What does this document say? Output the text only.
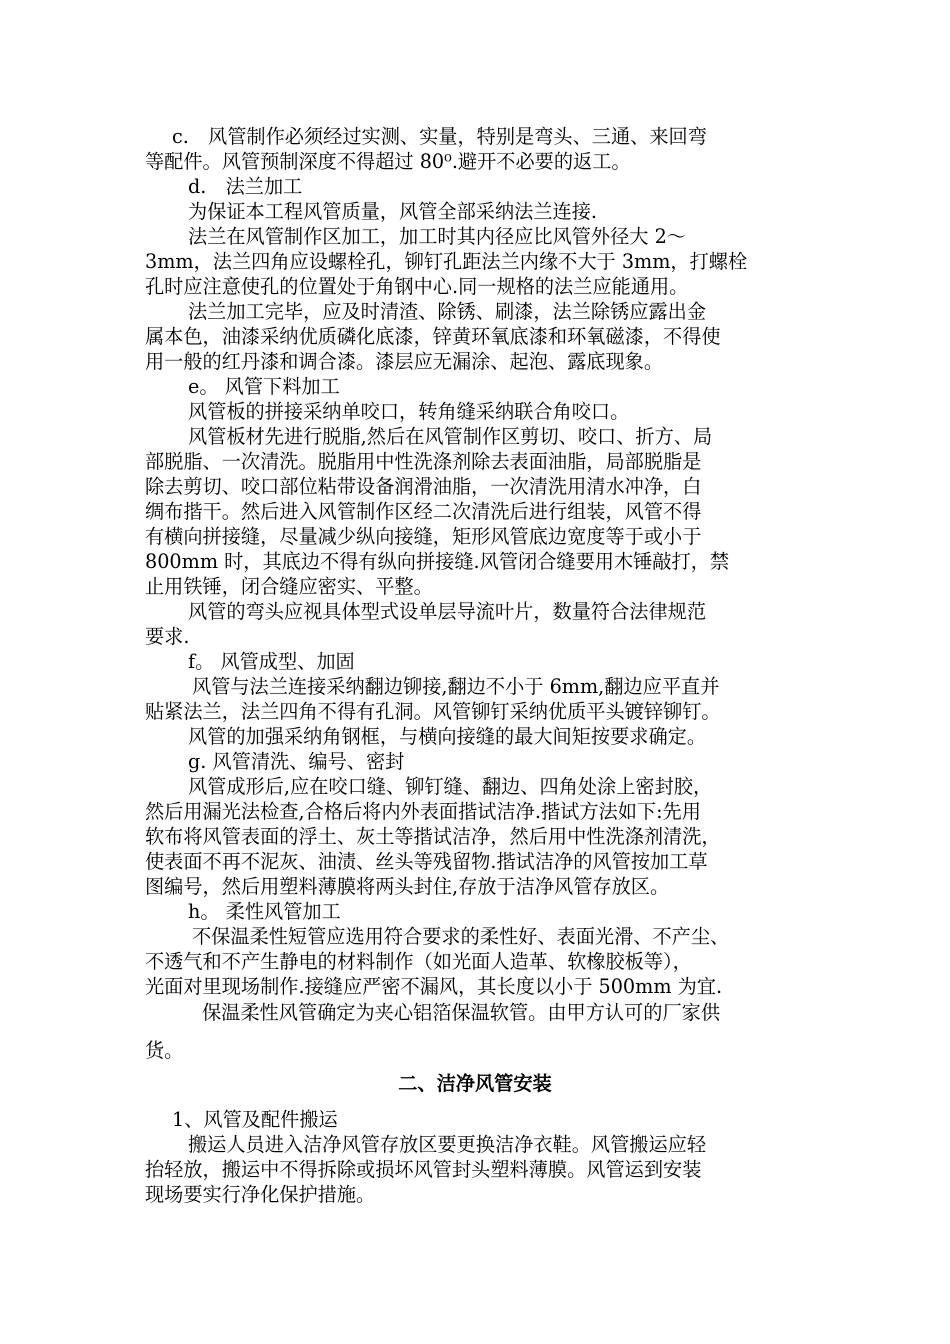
c.　风管制作必须经过实测、实量，特别是弯头、三通、来回弯
等配件。风管预制深度不得超过 80⁰.避开不必要的返工。
d.　法兰加工
为保证本工程风管质量，风管全部采纳法兰连接.
法兰在风管制作区加工，加工时其内径应比风管外径大 2～
3mm，法兰四角应设螺栓孔，铆钉孔距法兰内缘不大于 3mm，打螺栓
孔时应注意使孔的位置处于角钢中心.同一规格的法兰应能通用。
法兰加工完毕，应及时清渣、除锈、刷漆，法兰除锈应露出金
属本色，油漆采纳优质磷化底漆，锌黄环氧底漆和环氧磁漆，不得使
用一般的红丹漆和调合漆。漆层应无漏涂、起泡、露底现象。
e。 风管下料加工
风管板的拼接采纳单咬口，转角缝采纳联合角咬口。
风管板材先进行脱脂,然后在风管制作区剪切、咬口、折方、局
部脱脂、一次清洗。脱脂用中性洗涤剂除去表面油脂，局部脱脂是
除去剪切、咬口部位粘带设备润滑油脂，一次清洗用清水冲净，白
绸布揩干。然后进入风管制作区经二次清洗后进行组装，风管不得
有横向拼接缝，尽量减少纵向接缝，矩形风管底边宽度等于或小于
800mm 时，其底边不得有纵向拼接缝.风管闭合缝要用木锤敲打，禁
止用铁锤，闭合缝应密实、平整。
风管的弯头应视具体型式设单层导流叶片，数量符合法律规范
要求.
f。 风管成型、加固
风管与法兰连接采纳翻边铆接,翻边不小于 6mm,翻边应平直并
贴紧法兰，法兰四角不得有孔洞。风管铆钉采纳优质平头镀锌铆钉。
风管的加强采纳角钢框，与横向接缝的最大间矩按要求确定。
g. 风管清洗、编号、密封
风管成形后,应在咬口缝、铆钉缝、翻边、四角处涂上密封胶，
然后用漏光法检查,合格后将内外表面揩试洁净.揩试方法如下:先用
软布将风管表面的浮土、灰土等揩试洁净，然后用中性洗涤剂清洗，
使表面不再不泥灰、油渍、丝头等残留物.揩试洁净的风管按加工草
图编号，然后用塑料薄膜将两头封住,存放于洁净风管存放区。
h。 柔性风管加工
不保温柔性短管应选用符合要求的柔性好、表面光滑、不产尘、
不透气和不产生静电的材料制作（如光面人造革、软橡胶板等），
光面对里现场制作.接缝应严密不漏风，其长度以小于 500mm 为宜.
保温柔性风管确定为夹心铝箔保温软管。由甲方认可的厂家供
货。
二、洁净风管安装
1、风管及配件搬运
搬运人员进入洁净风管存放区要更换洁净衣鞋。风管搬运应轻
抬轻放，搬运中不得拆除或损坏风管封头塑料薄膜。风管运到安装
现场要实行净化保护措施。
